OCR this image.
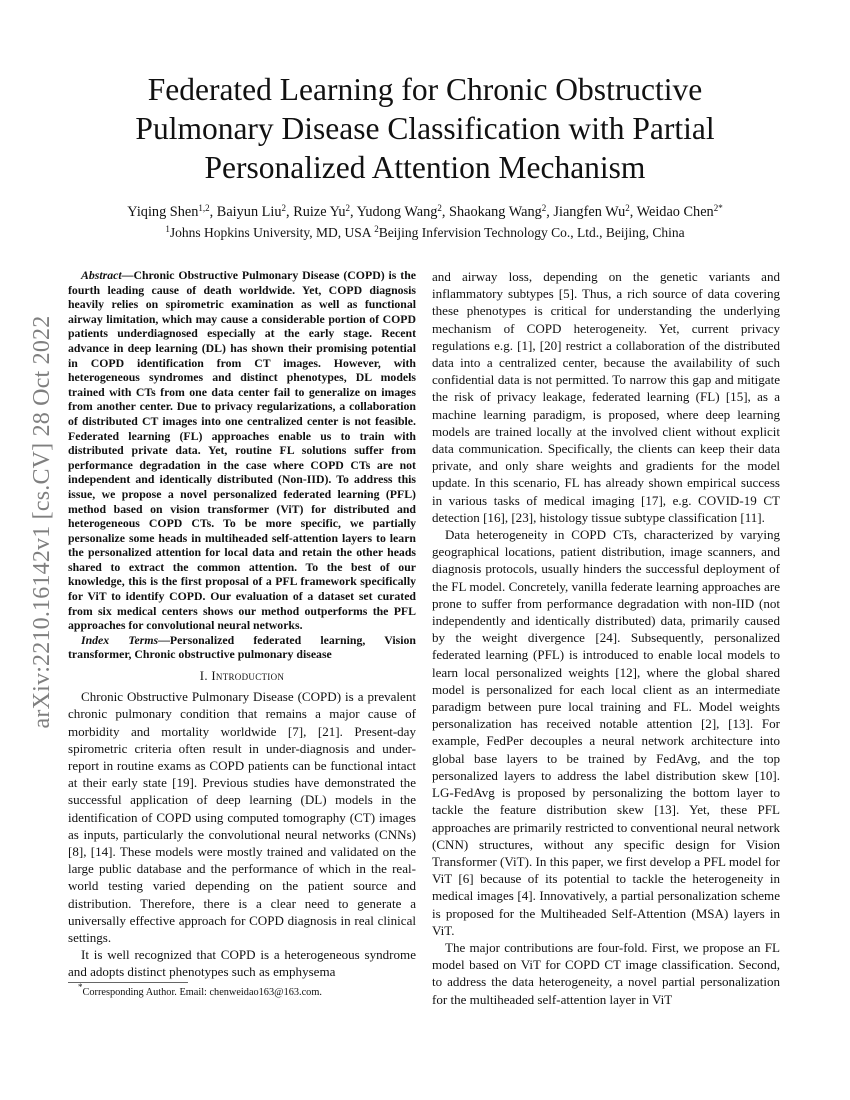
arXiv:2210.16142v1 [cs.CV] 28 Oct 2022
Federated Learning for Chronic Obstructive Pulmonary Disease Classification with Partial Personalized Attention Mechanism
Yiqing Shen$^{1,2}$, Baiyun Liu$^2$, Ruize Yu$^2$, Yudong Wang$^2$, Shaokang Wang$^2$, Jiangfen Wu$^2$, Weidao Chen$^{2*}$
$^1$Johns Hopkins University, MD, USA $^2$Beijing Infervision Technology Co., Ltd., Beijing, China

Abstract—Chronic Obstructive Pulmonary Disease (COPD) is the fourth leading cause of death worldwide. Yet, COPD diagnosis heavily relies on spirometric examination as well as functional airway limitation, which may cause a considerable portion of COPD patients underdiagnosed especially at the early stage. Recent advance in deep learning (DL) has shown their promising potential in COPD identification from CT images. However, with heterogeneous syndromes and distinct phenotypes, DL models trained with CTs from one data center fail to generalize on images from another center. Due to privacy regularizations, a collaboration of distributed CT images into one centralized center is not feasible. Federated learning (FL) approaches enable us to train with distributed private data. Yet, routine FL solutions suffer from performance degradation in the case where COPD CTs are not independent and identically distributed (Non-IID). To address this issue, we propose a novel personalized federated learning (PFL) method based on vision transformer (ViT) for distributed and heterogeneous COPD CTs. To be more specific, we partially personalize some heads in multiheaded self-attention layers to learn the personalized attention for local data and retain the other heads shared to extract the common attention. To the best of our knowledge, this is the first proposal of a PFL framework specifically for ViT to identify COPD. Our evaluation of a dataset set curated from six medical centers shows our method outperforms the PFL approaches for convolutional neural networks.

Index Terms—Personalized federated learning, Vision transformer, Chronic obstructive pulmonary disease

I. Introduction

Chronic Obstructive Pulmonary Disease (COPD) is a prevalent chronic pulmonary condition that remains a major cause of morbidity and mortality worldwide [7], [21]. Present-day spirometric criteria often result in under-diagnosis and under-report in routine exams as COPD patients can be functional intact at their early state [19]. Previous studies have demonstrated the successful application of deep learning (DL) models in the identification of COPD using computed tomography (CT) images as inputs, particularly the convolutional neural networks (CNNs) [8], [14]. These models were mostly trained and validated on the large public database and the performance of which in the real-world testing varied depending on the patient source and distribution. Therefore, there is a clear need to generate a universally effective approach for COPD diagnosis in real clinical settings.

It is well recognized that COPD is a heterogeneous syndrome and adopts distinct phenotypes such as emphysema

and airway loss, depending on the genetic variants and inflammatory subtypes [5]. Thus, a rich source of data covering these phenotypes is critical for understanding the underlying mechanism of COPD heterogeneity. Yet, current privacy regulations e.g. [1], [20] restrict a collaboration of the distributed data into a centralized center, because the availability of such confidential data is not permitted. To narrow this gap and mitigate the risk of privacy leakage, federated learning (FL) [15], as a machine learning paradigm, is proposed, where deep learning models are trained locally at the involved client without explicit data communication. Specifically, the clients can keep their data private, and only share weights and gradients for the model update. In this scenario, FL has already shown empirical success in various tasks of medical imaging [17], e.g. COVID-19 CT detection [16], [23], histology tissue subtype classification [11].

Data heterogeneity in COPD CTs, characterized by varying geographical locations, patient distribution, image scanners, and diagnosis protocols, usually hinders the successful deployment of the FL model. Concretely, vanilla federate learning approaches are prone to suffer from performance degradation with non-IID (not independently and identically distributed) data, primarily caused by the weight divergence [24]. Subsequently, personalized federated learning (PFL) is introduced to enable local models to learn local personalized weights [12], where the global shared model is personalized for each local client as an intermediate paradigm between pure local training and FL. Model weights personalization has received notable attention [2], [13]. For example, FedPer decouples a neural network architecture into global base layers to be trained by FedAvg, and the top personalized layers to address the label distribution skew [10]. LG-FedAvg is proposed by personalizing the bottom layer to tackle the feature distribution skew [13]. Yet, these PFL approaches are primarily restricted to conventional neural network (CNN) structures, without any specific design for Vision Transformer (ViT). In this paper, we first develop a PFL model for ViT [6] because of its potential to tackle the heterogeneity in medical images [4]. Innovatively, a partial personalization scheme is proposed for the Multiheaded Self-Attention (MSA) layers in ViT.

The major contributions are four-fold. First, we propose an FL model based on ViT for COPD CT image classification. Second, to address the data heterogeneity, a novel partial personalization for the multiheaded self-attention layer in ViT

*Corresponding Author. Email: chenweidao163@163.com.
